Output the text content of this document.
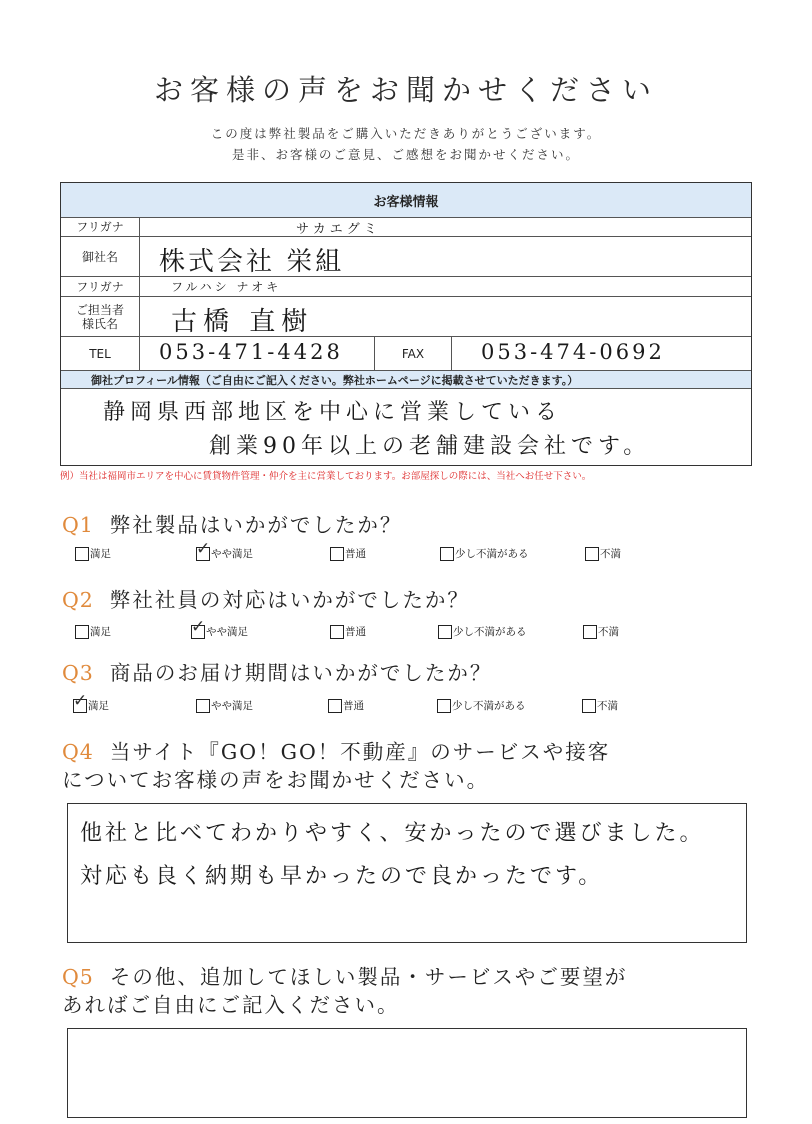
お客様の声をお聞かせください
この度は弊社製品をご購入いただきありがとうございます。
是非、お客様のご意見、ご感想をお聞かせください。
お客様情報
フリガナ	サカエグミ
御社名	株式会社 栄組
フリガナ	フルハシ ナオキ
ご担当者
様氏名 古橋 直樹
TEL	053-471-4428	FAX	053-474-0692
御社プロフィール情報（ご自由にご記入ください。弊社ホームページに掲載させていただきます。）
静岡県西部地区を中心に営業している
創業90年以上の老舗建設会社です。
例）当社は福岡市エリアを中心に賃貸物件管理・仲介を主に営業しております。お部屋探しの際には、当社へお任せ下さい。
Q1 弊社製品はいかがでしたか？
満足	✓ やや満足	普通	少し不満がある	不満
Q2 弊社社員の対応はいかがでしたか？
満足	✓ やや満足	普通	少し不満がある	不満
Q3 商品のお届け期間はいかがでしたか？
✓ 満足	やや満足	普通	少し不満がある	不満
Q4 当サイト『GO！GO！不動産』のサービスや接客
についてお客様の声をお聞かせください。
他社と比べてわかりやすく、安かったので選びました。
対応も良く納期も早かったので良かったです。
Q5 その他、追加してほしい製品・サービスやご要望が
あればご自由にご記入ください。
